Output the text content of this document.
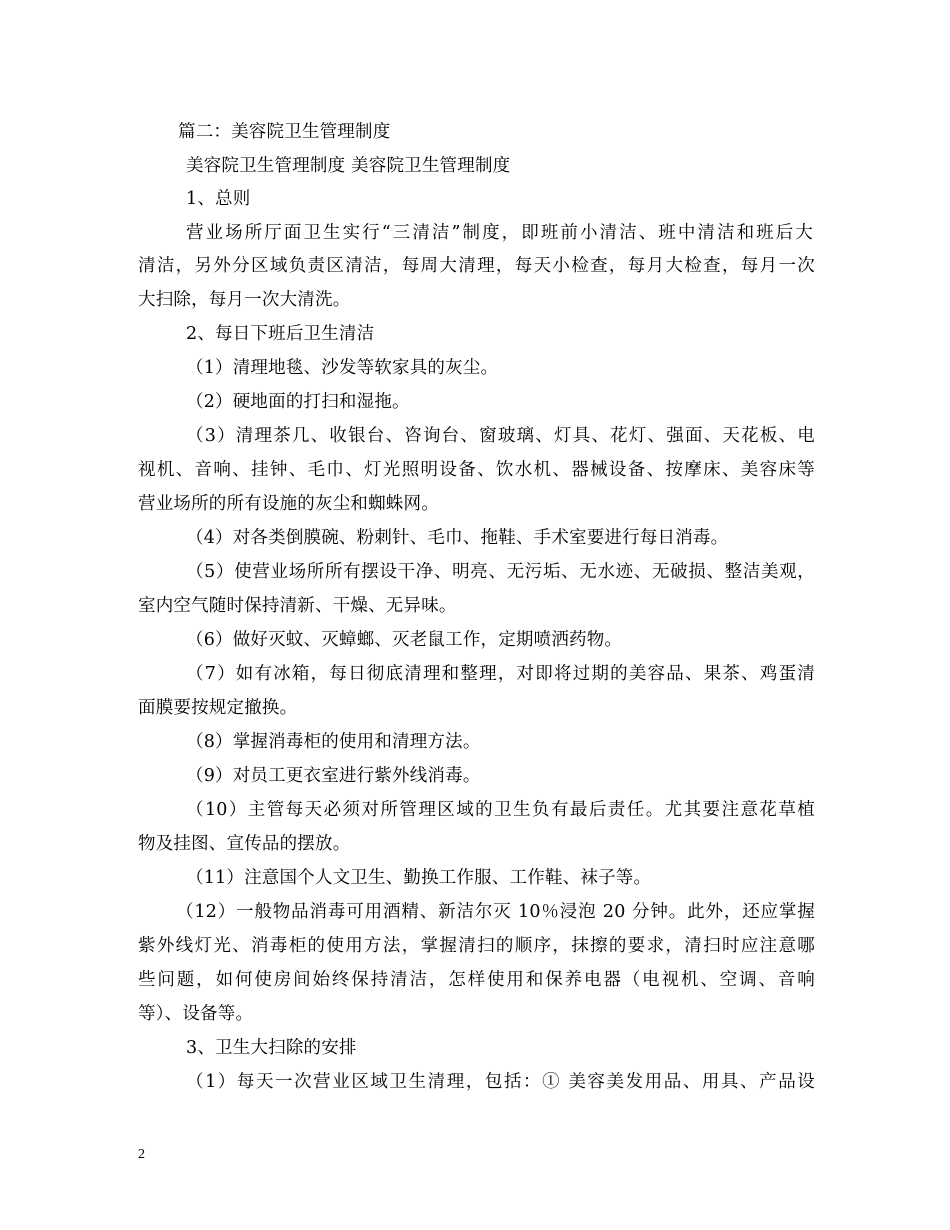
篇二：美容院卫生管理制度
美容院卫生管理制度 美容院卫生管理制度
1、总则
营业场所厅面卫生实行“三清洁”制度，即班前小清洁、班中清洁和班后大
清洁，另外分区域负责区清洁，每周大清理，每天小检查，每月大检查，每月一次
大扫除，每月一次大清洗。
2、每日下班后卫生清洁
（1）清理地毯、沙发等软家具的灰尘。
（2）硬地面的打扫和湿拖。
（3）清理茶几、收银台、咨询台、窗玻璃、灯具、花灯、强面、天花板、电
视机、音响、挂钟、毛巾、灯光照明设备、饮水机、器械设备、按摩床、美容床等
营业场所的所有设施的灰尘和蜘蛛网。
（4）对各类倒膜碗、粉刺针、毛巾、拖鞋、手术室要进行每日消毒。
（5）使营业场所所有摆设干净、明亮、无污垢、无水迹、无破损、整洁美观，
室内空气随时保持清新、干燥、无异味。
（6）做好灭蚊、灭蟑螂、灭老鼠工作，定期喷洒药物。
（7）如有冰箱，每日彻底清理和整理，对即将过期的美容品、果茶、鸡蛋清
面膜要按规定撤换。
（8）掌握消毒柜的使用和清理方法。
（9）对员工更衣室进行紫外线消毒。
（10）主管每天必须对所管理区域的卫生负有最后责任。尤其要注意花草植
物及挂图、宣传品的摆放。
（11）注意国个人文卫生、勤换工作服、工作鞋、袜子等。
（12）一般物品消毒可用酒精、新洁尔灭 10％浸泡 20 分钟。此外，还应掌握
紫外线灯光、消毒柜的使用方法，掌握清扫的顺序，抹擦的要求，清扫时应注意哪
些问题，如何使房间始终保持清洁，怎样使用和保养电器（电视机、空调、音响
等）、设备等。
3、卫生大扫除的安排
（1）每天一次营业区域卫生清理，包括：① 美容美发用品、用具、产品设
2
